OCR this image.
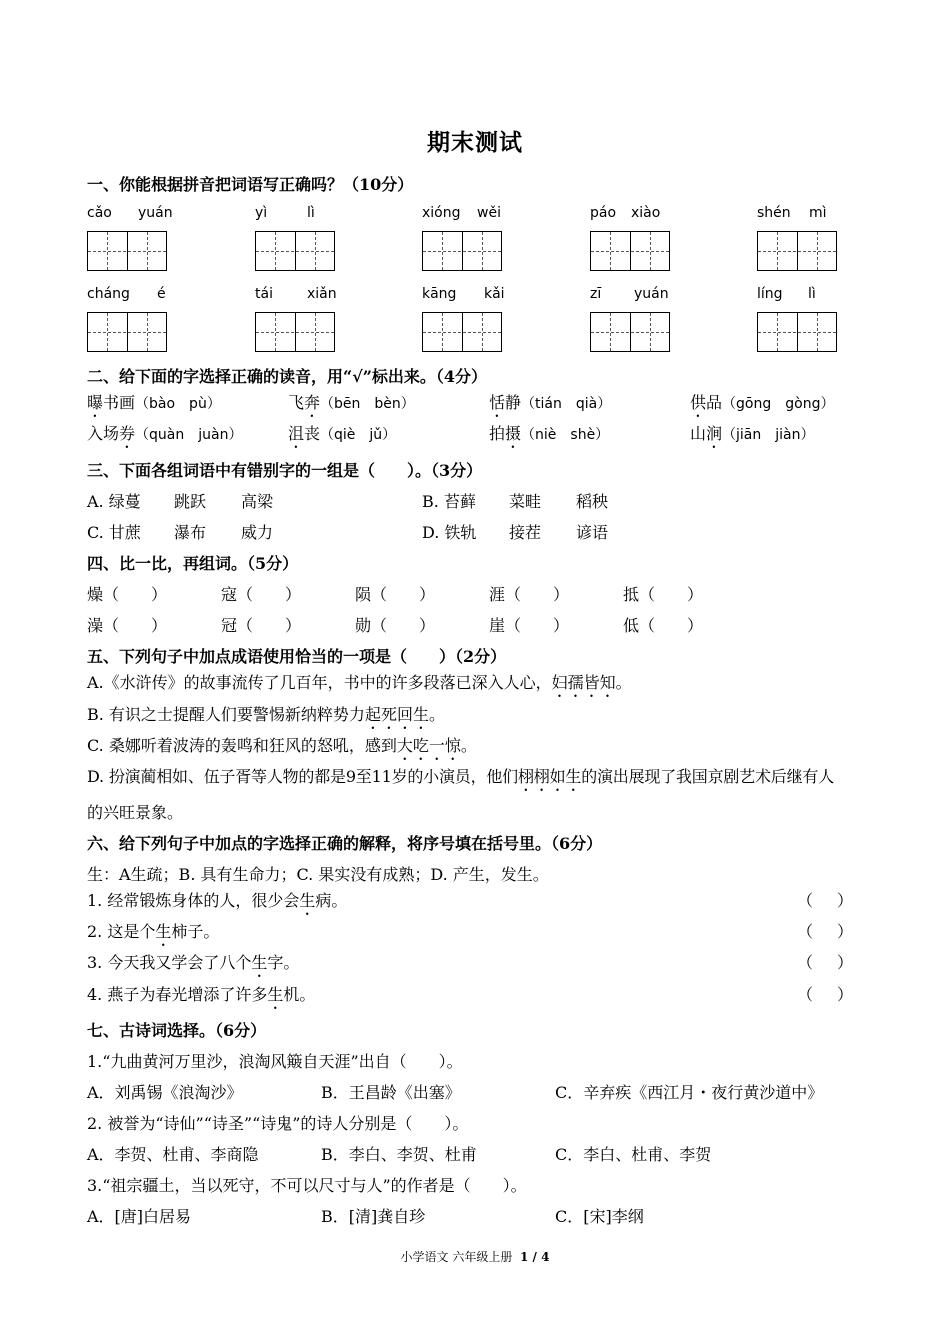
期末测试
一、你能根据拼音把词语写正确吗？（10分）
cǎo yuán	yì	lì	xióng wěi	páo xiào	shén mì
cháng é	tái xiǎn	kāng kǎi	zī yuán	líng lì
二、给下面的字选择正确的读音，用“√”标出来。（4分）
曝书画（bào　pù）	飞奔（bēn　bèn）	恬静（tián　qià）	供品（gōng　gòng）
入场券（quàn　juàn）	沮丧（qiè　jǔ）	拍摄（niè　shè）	山涧（jiān　jiàn）
三、下面各组词语中有错别字的一组是（　　）。（3分）
A. 绿蔓 跳跃 高梁	B. 苔藓 菜畦 稻秧
C. 甘蔗 瀑布 威力	D. 铁轨 接茬 谚语
四、比一比，再组词。（5分）
燥（　　）	寇（　　）	陨（　　）	涯（　　）	抵（　　）
澡（　　）	冠（　　）	勋（　　）	崖（　　）	低（　　）
五、下列句子中加点成语使用恰当的一项是（　　）（2分）
A.《水浒传》的故事流传了几百年，书中的许多段落已深入人心，妇孺皆知。
B. 有识之士提醒人们要警惕新纳粹势力起死回生。
C. 桑娜听着波涛的轰鸣和狂风的怒吼，感到大吃一惊。
D. 扮演蔺相如、伍子胥等人物的都是9至11岁的小演员，他们栩栩如生的演出展现了我国京剧艺术后继有人
的兴旺景象。
六、给下列句子中加点的字选择正确的解释，将序号填在括号里。（6分）
生：A生疏；B. 具有生命力；C. 果实没有成熟；D. 产生，发生。
1. 经常锻炼身体的人，很少会生病。	（ ）
2. 这是个生柿子。	（ ）
3. 今天我又学会了八个生字。	（ ）
4. 燕子为春光增添了许多生机。	（ ）
七、古诗词选择。（6分）
1.“九曲黄河万里沙，浪淘风簸自天涯”出自（　　）。
A．刘禹锡《浪淘沙》	B．王昌龄《出塞》	C．辛弃疾《西江月・夜行黄沙道中》
2. 被誉为“诗仙”“诗圣”“诗鬼”的诗人分别是（　　）。
A．李贺、杜甫、李商隐	B．李白、李贺、杜甫	C．李白、杜甫、李贺
3.“祖宗疆土，当以死守，不可以尺寸与人”的作者是（　　）。
A．[唐]白居易	B．[清]龚自珍	C．[宋]李纲
小学语文 六年级上册 1 / 4
